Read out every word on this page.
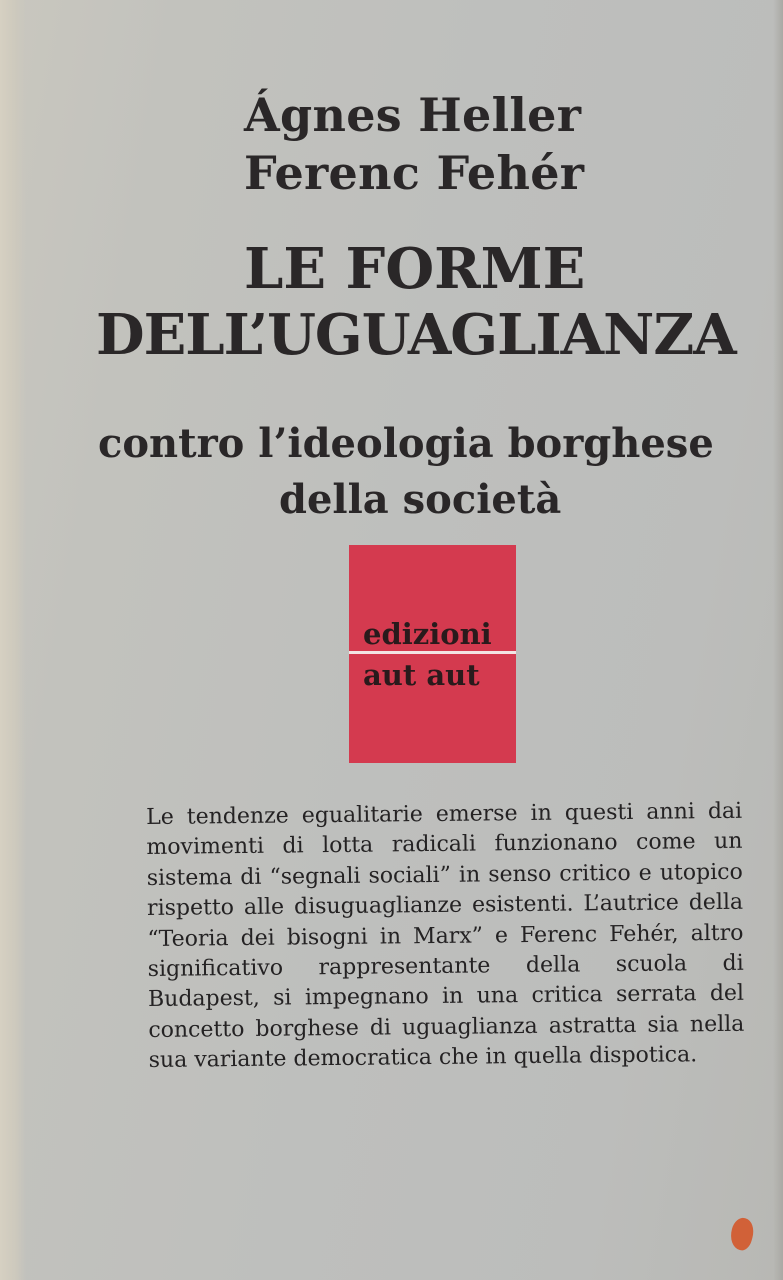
Ágnes Heller
Ferenc Fehér
LE FORME
DELL’UGUAGLIANZA
contro l’ideologia borghese
della società
edizioni
aut aut

Le tendenze egualitarie emerse in questi anni dai movimenti di lotta radicali funzionano come un sistema di “segnali sociali” in senso critico e utopico rispetto alle disuguaglianze esistenti. L’autrice della “Teoria dei bisogni in Marx” e Ferenc Fehér, altro significativo rappresentante della scuola di Budapest, si impegnano in una critica serrata del concetto borghese di uguaglianza astratta sia nella sua variante democratica che in quella dispotica.
